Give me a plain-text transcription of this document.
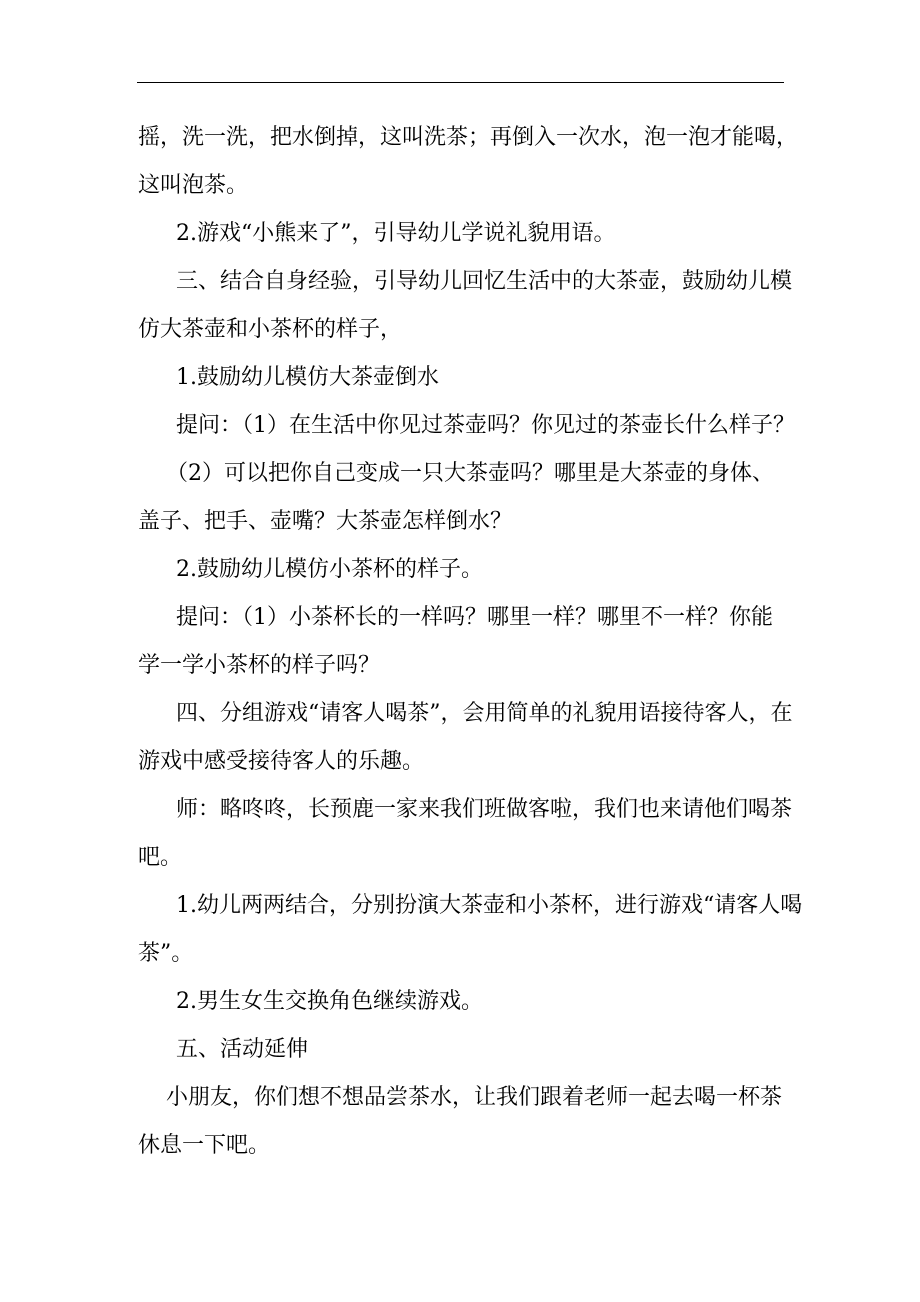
摇，洗一洗，把水倒掉，这叫洗茶；再倒入一次水，泡一泡才能喝，
这叫泡茶。
2.游戏“小熊来了”，引导幼儿学说礼貌用语。
三、结合自身经验，引导幼儿回忆生活中的大茶壶，鼓励幼儿模
仿大茶壶和小茶杯的样子，
1.鼓励幼儿模仿大茶壶倒水
提问：（1）在生活中你见过茶壶吗？你见过的茶壶长什么样子？
（2）可以把你自己变成一只大茶壶吗？哪里是大茶壶的身体、
盖子、把手、壶嘴？大茶壶怎样倒水？
2.鼓励幼儿模仿小茶杯的样子。
提问：（1）小茶杯长的一样吗？哪里一样？哪里不一样？你能
学一学小茶杯的样子吗？
四、分组游戏“请客人喝茶”，会用简单的礼貌用语接待客人，在
游戏中感受接待客人的乐趣。
师：略咚咚，长预鹿一家来我们班做客啦，我们也来请他们喝茶
吧。
1.幼儿两两结合，分别扮演大茶壶和小茶杯，进行游戏“请客人喝
茶”。
2.男生女生交换角色继续游戏。
五、活动延伸
小朋友，你们想不想品尝茶水，让我们跟着老师一起去喝一杯茶
休息一下吧。
